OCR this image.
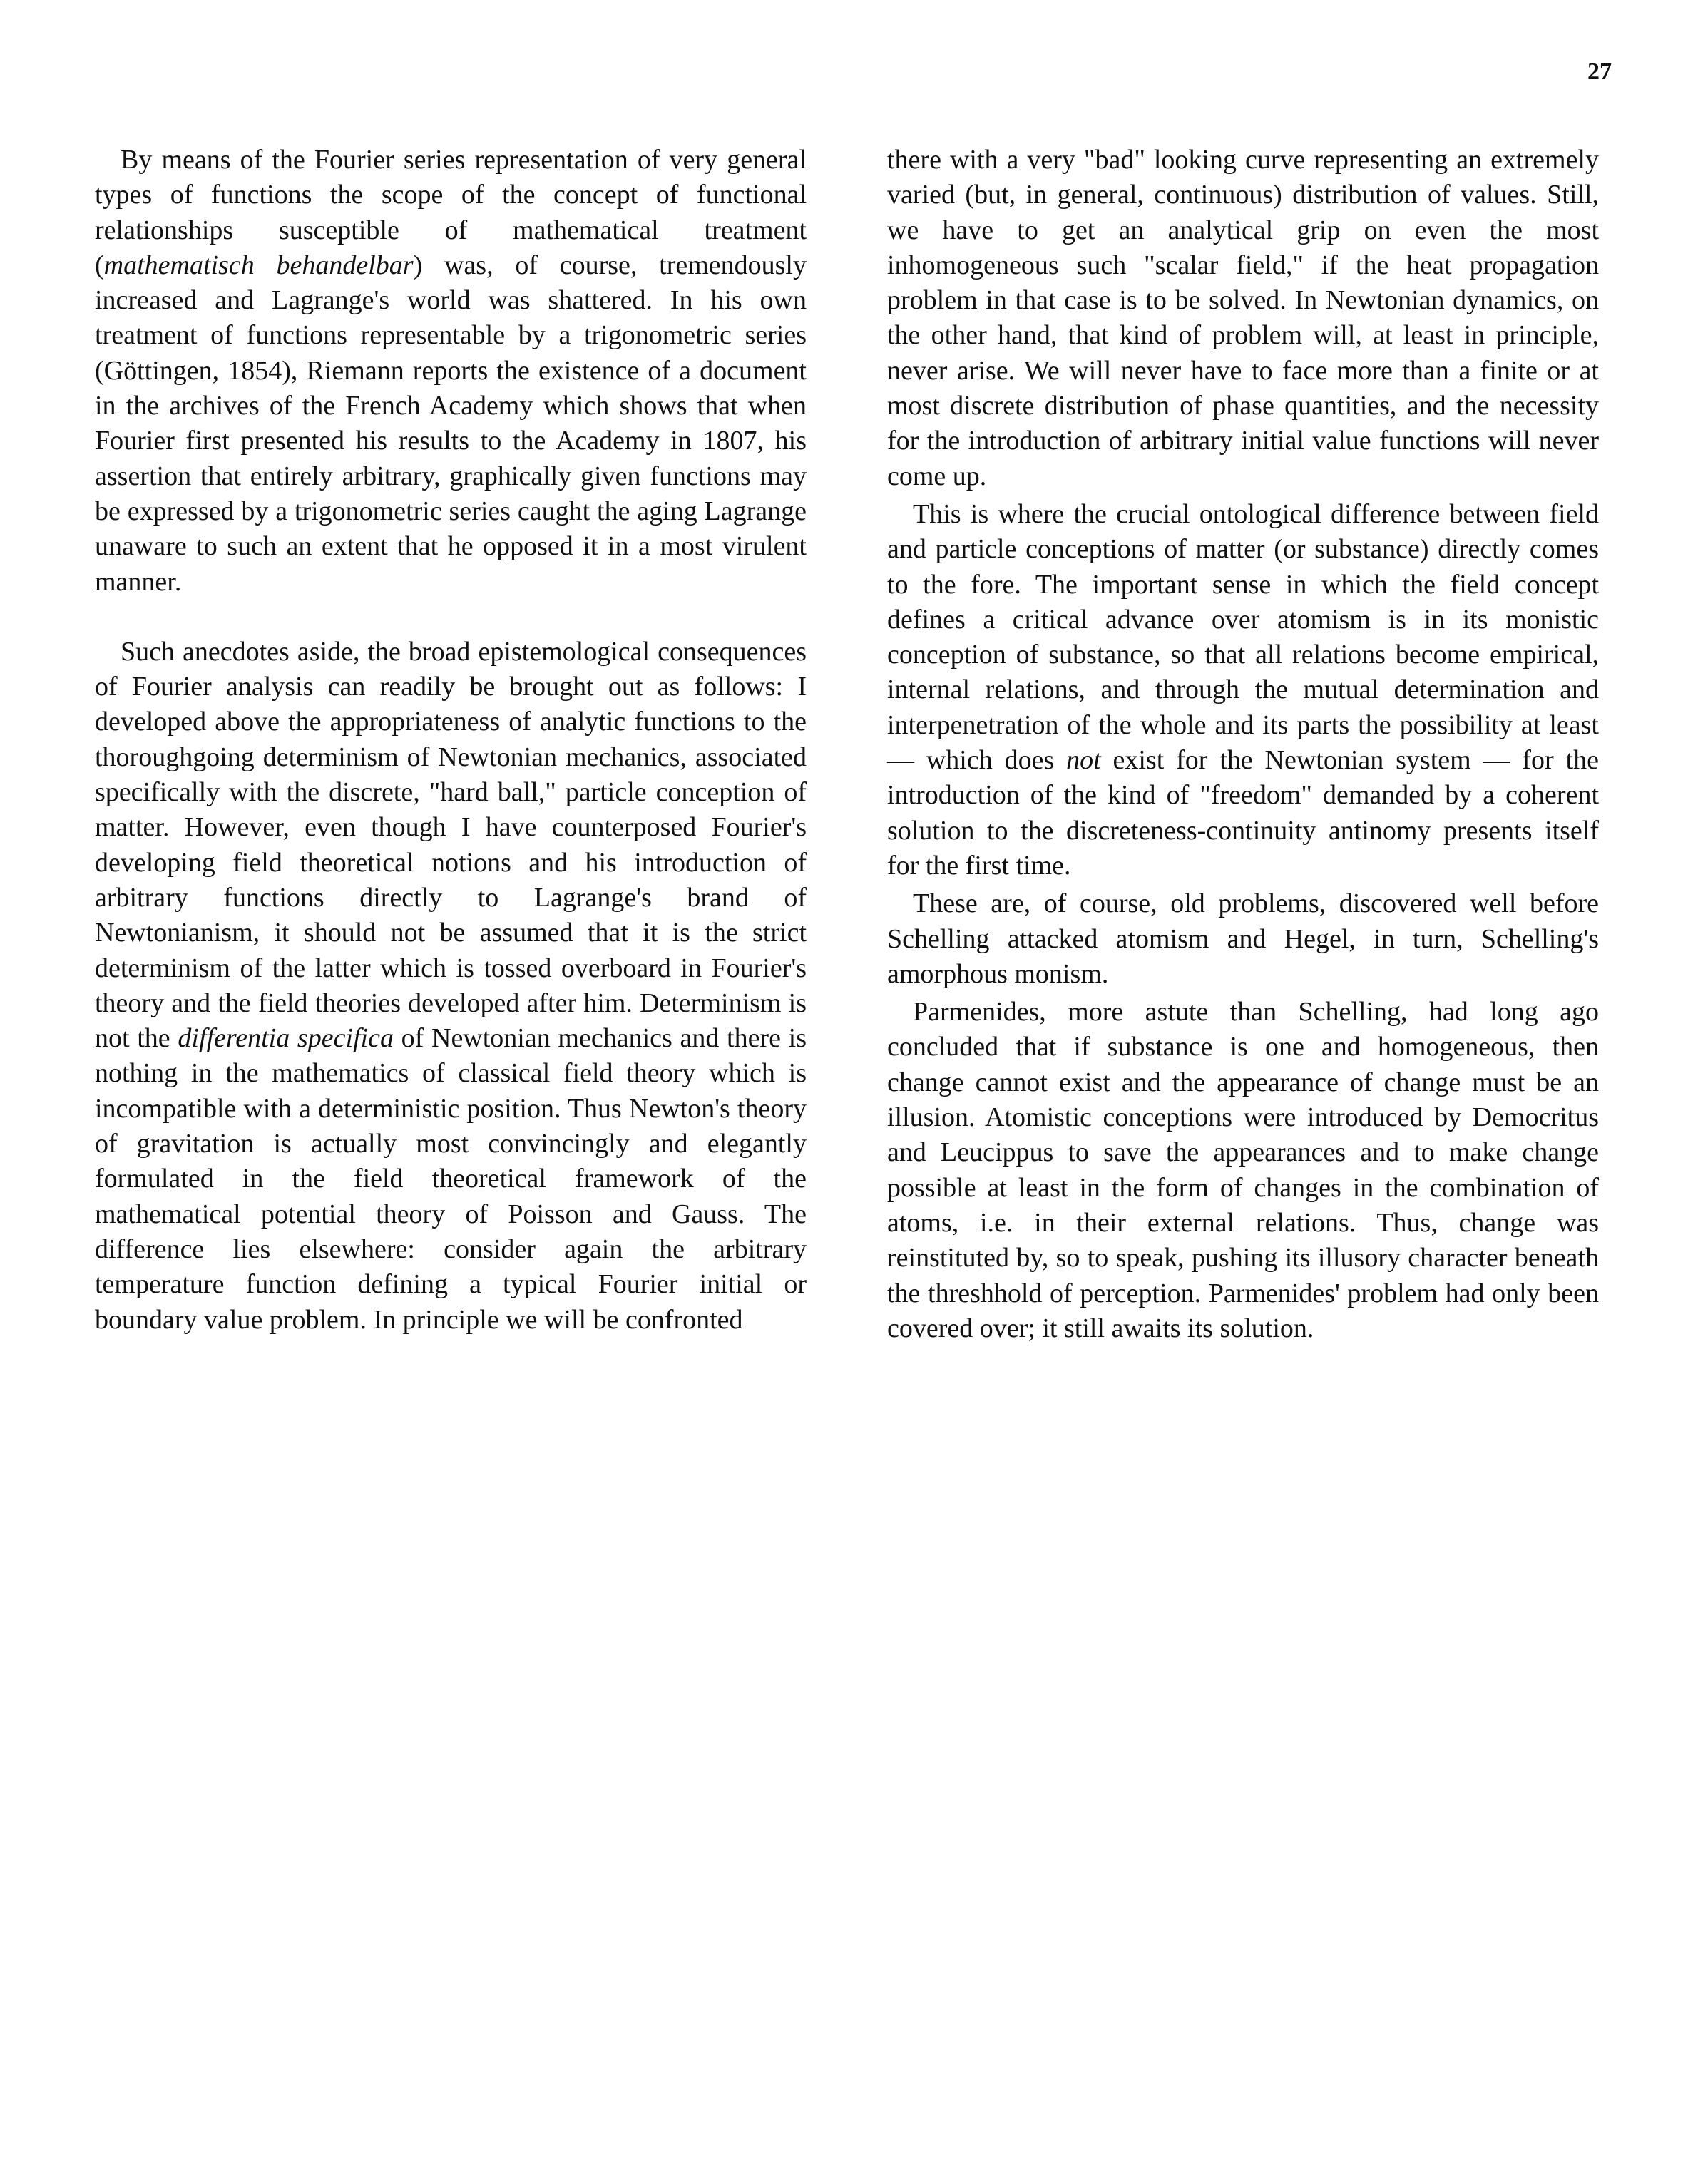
27

By means of the Fourier series representation of very general types of functions the scope of the concept of functional relationships susceptible of mathematical treatment (mathematisch behandelbar) was, of course, tremendously increased and Lagrange's world was shattered. In his own treatment of functions representable by a trigonometric series (Göttingen, 1854), Riemann reports the existence of a document in the archives of the French Academy which shows that when Fourier first presented his results to the Academy in 1807, his assertion that entirely arbitrary, graphically given functions may be expressed by a trigonometric series caught the aging Lagrange unaware to such an extent that he opposed it in a most virulent manner.

Such anecdotes aside, the broad epistemological consequences of Fourier analysis can readily be brought out as follows: I developed above the appropriateness of analytic functions to the thoroughgoing determinism of Newtonian mechanics, associated specifically with the discrete, "hard ball," particle conception of matter. However, even though I have counterposed Fourier's developing field theoretical notions and his introduction of arbitrary functions directly to Lagrange's brand of Newtonianism, it should not be assumed that it is the strict determinism of the latter which is tossed overboard in Fourier's theory and the field theories developed after him. Determinism is not the differentia specifica of Newtonian mechanics and there is nothing in the mathematics of classical field theory which is incompatible with a deterministic position. Thus Newton's theory of gravitation is actually most convincingly and elegantly formulated in the field theoretical framework of the mathematical potential theory of Poisson and Gauss. The difference lies elsewhere: consider again the arbitrary temperature function defining a typical Fourier initial or boundary value problem. In principle we will be confronted

there with a very "bad" looking curve representing an extremely varied (but, in general, continuous) distribution of values. Still, we have to get an analytical grip on even the most inhomogeneous such "scalar field," if the heat propagation problem in that case is to be solved. In Newtonian dynamics, on the other hand, that kind of problem will, at least in principle, never arise. We will never have to face more than a finite or at most discrete distribution of phase quantities, and the necessity for the introduction of arbitrary initial value functions will never come up.

This is where the crucial ontological difference between field and particle conceptions of matter (or substance) directly comes to the fore. The important sense in which the field concept defines a critical advance over atomism is in its monistic conception of substance, so that all relations become empirical, internal relations, and through the mutual determination and interpenetration of the whole and its parts the possibility at least — which does not exist for the Newtonian system — for the introduction of the kind of "freedom" demanded by a coherent solution to the discreteness-continuity antinomy presents itself for the first time.

These are, of course, old problems, discovered well before Schelling attacked atomism and Hegel, in turn, Schelling's amorphous monism.

Parmenides, more astute than Schelling, had long ago concluded that if substance is one and homogeneous, then change cannot exist and the appearance of change must be an illusion. Atomistic conceptions were introduced by Democritus and Leucippus to save the appearances and to make change possible at least in the form of changes in the combination of atoms, i.e. in their external relations. Thus, change was reinstituted by, so to speak, pushing its illusory character beneath the threshhold of perception. Parmenides' problem had only been covered over; it still awaits its solution.
